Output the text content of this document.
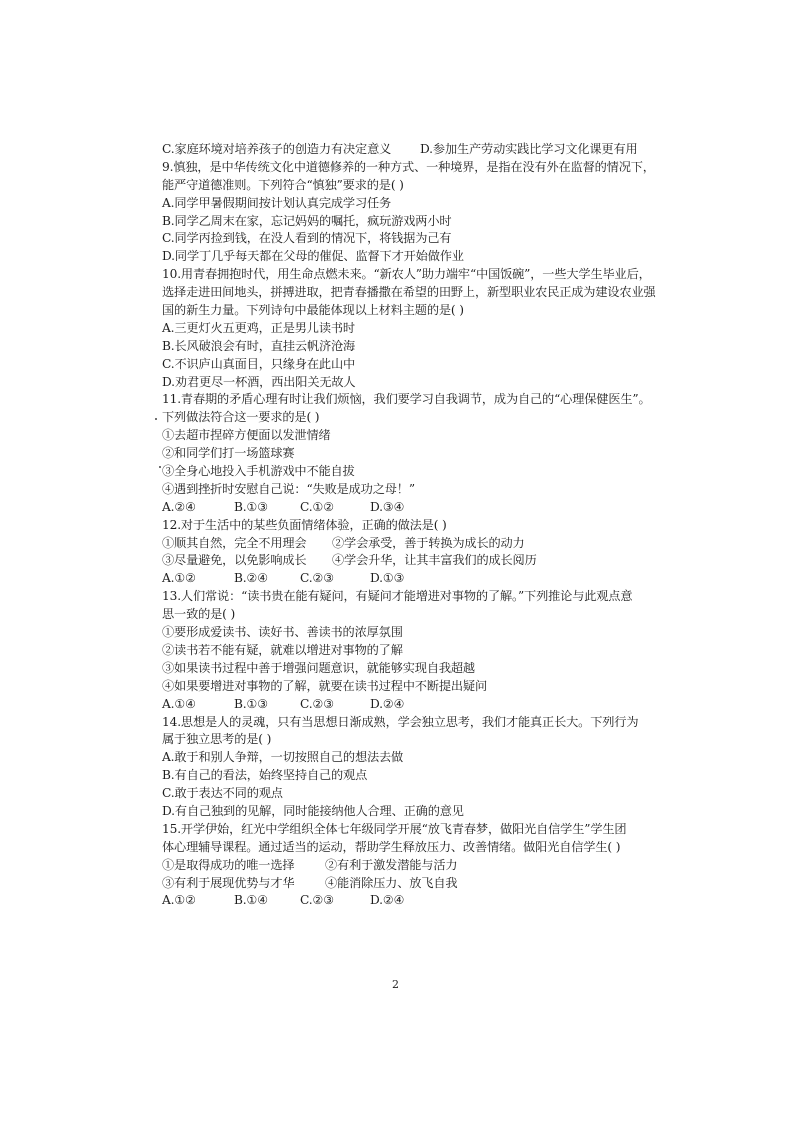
C.家庭环境对培养孩子的创造力有决定意义	D.参加生产劳动实践比学习文化课更有用
9.慎独，是中华传统文化中道德修养的一种方式、一种境界，是指在没有外在监督的情况下，
能严守道德准则。下列符合“慎独”要求的是( )
A.同学甲暑假期间按计划认真完成学习任务
B.同学乙周末在家，忘记妈妈的嘱托，疯玩游戏两小时
C.同学丙捡到钱，在没人看到的情况下，将钱据为己有
D.同学丁几乎每天都在父母的催促、监督下才开始做作业
10.用青春拥抱时代，用生命点燃未来。“新农人”助力端牢“中国饭碗”，一些大学生毕业后，
选择走进田间地头，拼搏进取，把青春播撒在希望的田野上，新型职业农民正成为建设农业强
国的新生力量。下列诗句中最能体现以上材料主题的是( )
A.三更灯火五更鸡，正是男儿读书时
B.长风破浪会有时，直挂云帆济沧海
C.不识庐山真面目，只缘身在此山中
D.劝君更尽一杯酒，西出阳关无故人
11.青春期的矛盾心理有时让我们烦恼，我们要学习自我调节，成为自己的“心理保健医生”。
下列做法符合这一要求的是( )
①去超市捏碎方便面以发泄情绪
②和同学们打一场篮球赛
③全身心地投入手机游戏中不能自拔
④遇到挫折时安慰自己说：“失败是成功之母！”
A.②④	B.①③	C.①②	D.③④
12.对于生活中的某些负面情绪体验，正确的做法是( )
①顺其自然，完全不用理会	②学会承受，善于转换为成长的动力
③尽量避免，以免影响成长	④学会升华，让其丰富我们的成长阅历
A.①②	B.②④	C.②③	D.①③
13.人们常说：“读书贵在能有疑问，有疑问才能增进对事物的了解。”下列推论与此观点意
思一致的是( )
①要形成爱读书、读好书、善读书的浓厚氛围
②读书若不能有疑，就难以增进对事物的了解
③如果读书过程中善于增强问题意识，就能够实现自我超越
④如果要增进对事物的了解，就要在读书过程中不断提出疑问
A.①④	B.①③	C.②③	D.②④
14.思想是人的灵魂，只有当思想日渐成熟，学会独立思考，我们才能真正长大。下列行为
属于独立思考的是( )
A.敢于和别人争辩，一切按照自己的想法去做
B.有自己的看法，始终坚持自己的观点
C.敢于表达不同的观点
D.有自己独到的见解，同时能接纳他人合理、正确的意见
15.开学伊始，红光中学组织全体七年级同学开展“放飞青春梦，做阳光自信学生”学生团
体心理辅导课程。通过适当的运动，帮助学生释放压力、改善情绪。做阳光自信学生( )
①是取得成功的唯一选择	②有利于激发潜能与活力
③有利于展现优势与才华	④能消除压力、放飞自我
A.①②	B.①④	C.②③	D.②④
2
